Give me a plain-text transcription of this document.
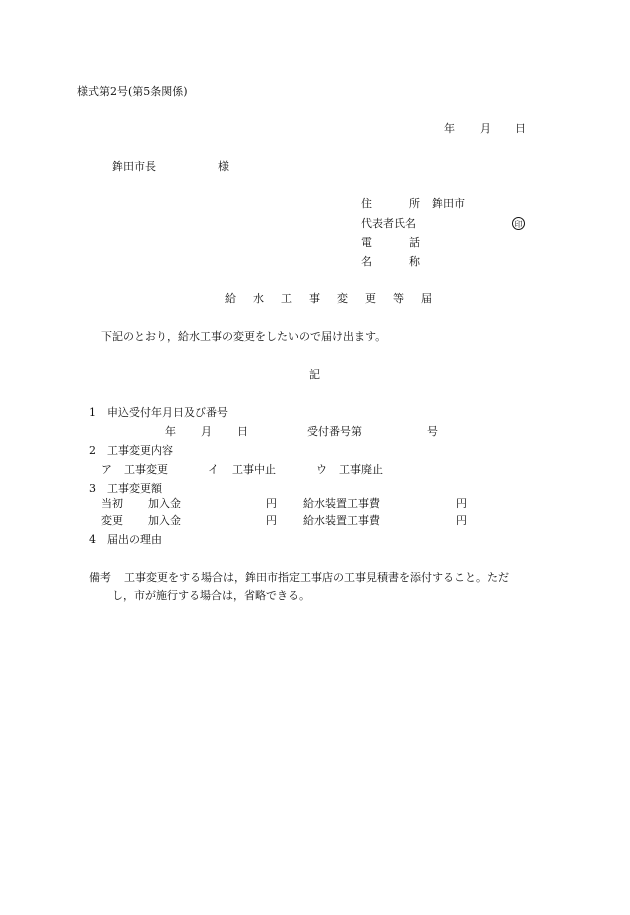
様式第2号(第5条関係)
年 月 日
鉾田市長	様
住	所 鉾田市
代表者氏名	印
電	話
名	称
給 水 工 事 変 更 等 届
下記のとおり，給水工事の変更をしたいので届け出ます。
記
1 申込受付年月日及び番号
年 月 日	受付番号第	号
2 工事変更内容
ア 工事変更	イ 工事中止	ウ 工事廃止
3 工事変更額
当初 加入金	円 給水装置工事費	円
変更 加入金	円 給水装置工事費	円
4 届出の理由
備考 工事変更をする場合は，鉾田市指定工事店の工事見積書を添付すること。ただ
し，市が施行する場合は，省略できる。
